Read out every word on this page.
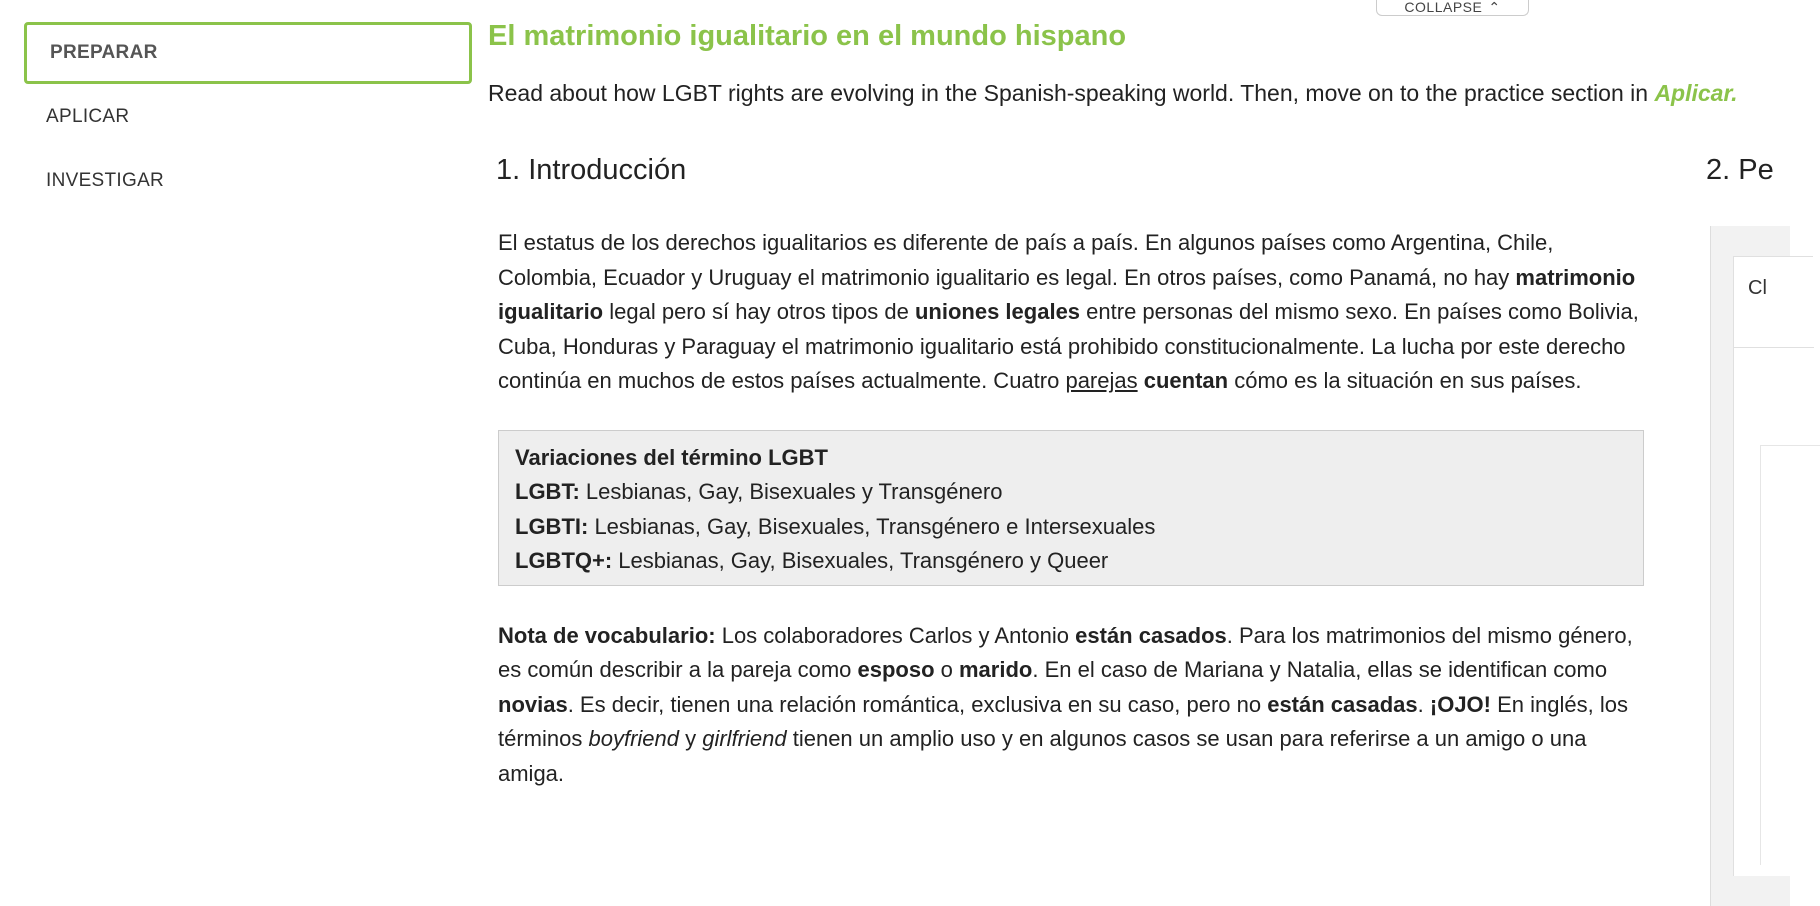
PREPARAR
APLICAR
INVESTIGAR
COLLAPSE ⌃
El matrimonio igualitario en el mundo hispano
Read about how LGBT rights are evolving in the Spanish-speaking world. Then, move on to the practice section in Aplicar.
1. Introducción	2. Pe

El estatus de los derechos igualitarios es diferente de país a país. En algunos países como Argentina, Chile, Colombia, Ecuador y Uruguay el matrimonio igualitario es legal. En otros países, como Panamá, no hay matrimonio igualitario legal pero sí hay otros tipos de uniones legales entre personas del mismo sexo. En países como Bolivia, Cuba, Honduras y Paraguay el matrimonio igualitario está prohibido constitucionalmente. La lucha por este derecho continúa en muchos de estos países actualmente. Cuatro parejas cuentan cómo es la situación en sus países.

Variaciones del término LGBT

LGBT: Lesbianas, Gay, Bisexuales y Transgénero

LGBTI: Lesbianas, Gay, Bisexuales, Transgénero e Intersexuales

LGBTQ+: Lesbianas, Gay, Bisexuales, Transgénero y Queer

Nota de vocabulario: Los colaboradores Carlos y Antonio están casados. Para los matrimonios del mismo género, es común describir a la pareja como esposo o marido. En el caso de Mariana y Natalia, ellas se identifican como novias. Es decir, tienen una relación romántica, exclusiva en su caso, pero no están casadas. ¡OJO! En inglés, los términos boyfriend y girlfriend tienen un amplio uso y en algunos casos se usan para referirse a un amigo o una amiga.

Cl
